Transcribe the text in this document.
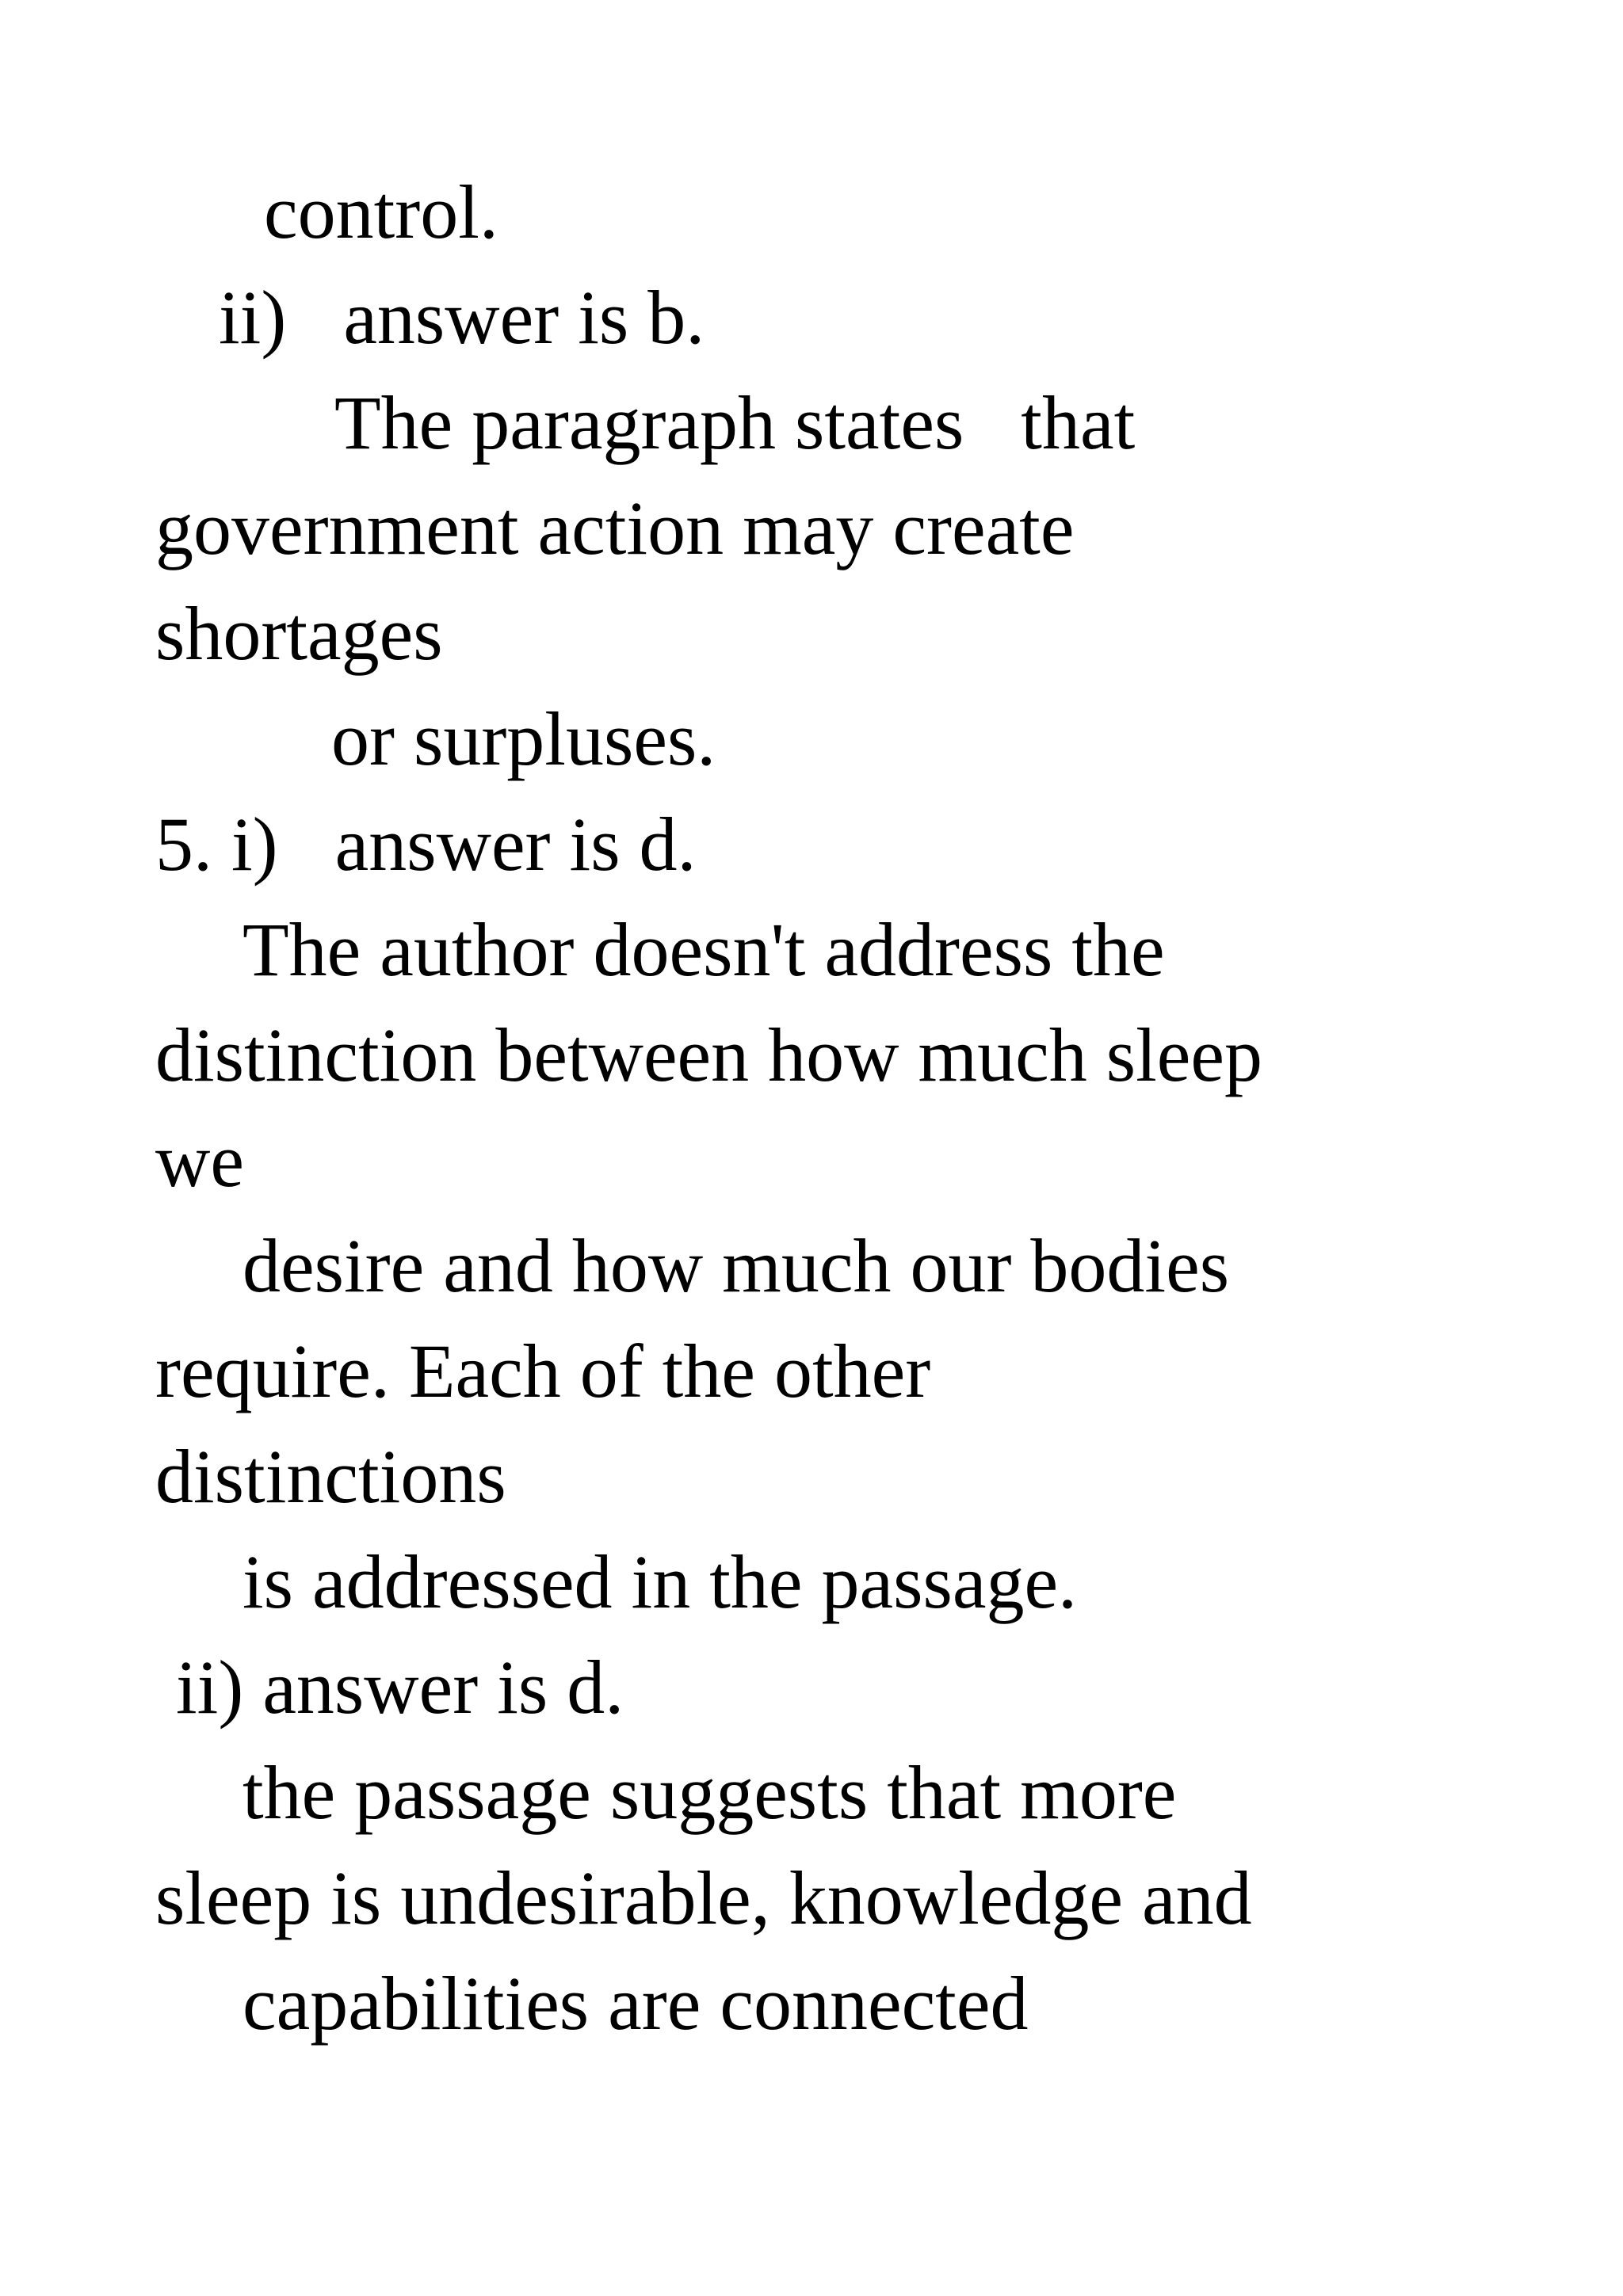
control.

ii)   answer is b.

The paragraph states   that

government action may create

shortages

or surpluses.

5. i)   answer is d.

The author doesn't address the

distinction between how much sleep

we

desire and how much our bodies

require. Each of the other

distinctions

is addressed in the passage.

ii) answer is d.

the passage suggests that more

sleep is undesirable, knowledge and

capabilities are connected
